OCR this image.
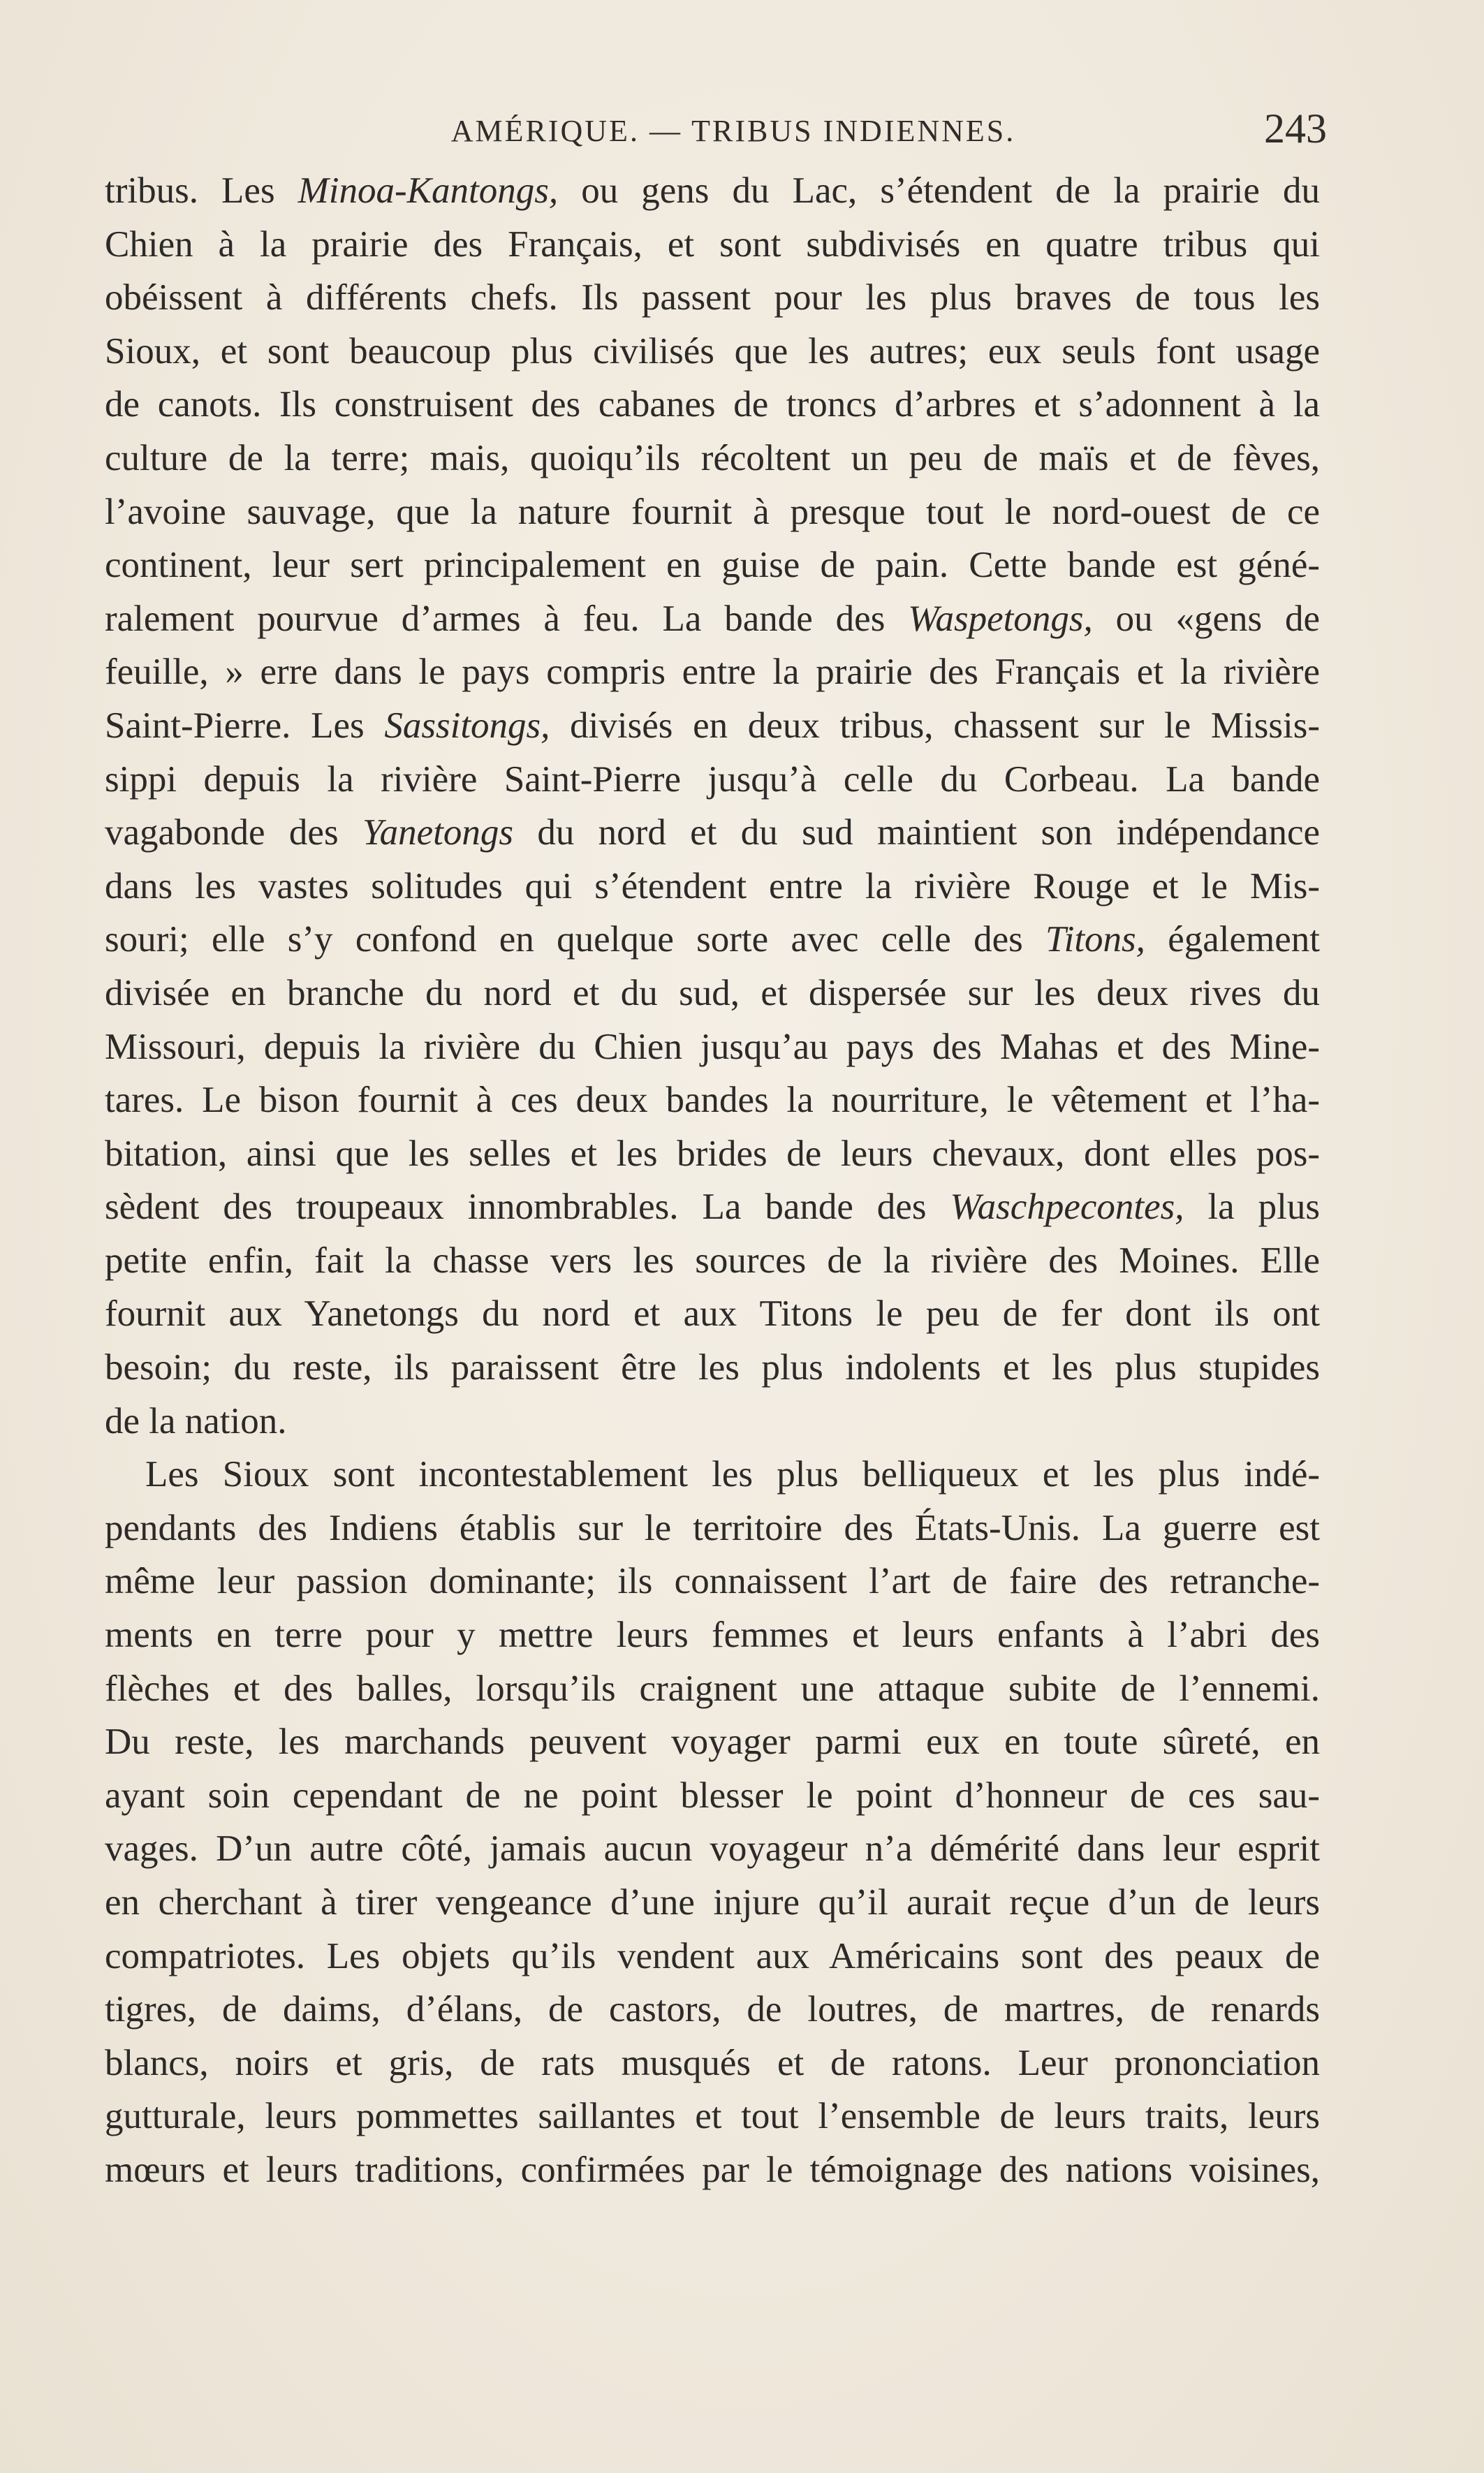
AMÉRIQUE. — TRIBUS INDIENNES.	243
tribus. Les Minoa-Kantongs, ou gens du Lac, s’étendent de la prairie du
Chien à la prairie des Français, et sont subdivisés en quatre tribus qui
obéissent à différents chefs. Ils passent pour les plus braves de tous les
Sioux, et sont beaucoup plus civilisés que les autres; eux seuls font usage
de canots. Ils construisent des cabanes de troncs d’arbres et s’adonnent à la
culture de la terre; mais, quoiqu’ils récoltent un peu de maïs et de fèves,
l’avoine sauvage, que la nature fournit à presque tout le nord-ouest de ce
continent, leur sert principalement en guise de pain. Cette bande est géné-
ralement pourvue d’armes à feu. La bande des Waspetongs, ou «gens de
feuille, » erre dans le pays compris entre la prairie des Français et la rivière
Saint-Pierre. Les Sassitongs, divisés en deux tribus, chassent sur le Missis-
sippi depuis la rivière Saint-Pierre jusqu’à celle du Corbeau. La bande
vagabonde des Yanetongs du nord et du sud maintient son indépendance
dans les vastes solitudes qui s’étendent entre la rivière Rouge et le Mis-
souri; elle s’y confond en quelque sorte avec celle des Titons, également
divisée en branche du nord et du sud, et dispersée sur les deux rives du
Missouri, depuis la rivière du Chien jusqu’au pays des Mahas et des Mine-
tares. Le bison fournit à ces deux bandes la nourriture, le vêtement et l’ha-
bitation, ainsi que les selles et les brides de leurs chevaux, dont elles pos-
sèdent des troupeaux innombrables. La bande des Waschpecontes, la plus
petite enfin, fait la chasse vers les sources de la rivière des Moines. Elle
fournit aux Yanetongs du nord et aux Titons le peu de fer dont ils ont
besoin; du reste, ils paraissent être les plus indolents et les plus stupides
de la nation.
Les Sioux sont incontestablement les plus belliqueux et les plus indé-
pendants des Indiens établis sur le territoire des États-Unis. La guerre est
même leur passion dominante; ils connaissent l’art de faire des retranche-
ments en terre pour y mettre leurs femmes et leurs enfants à l’abri des
flèches et des balles, lorsqu’ils craignent une attaque subite de l’ennemi.
Du reste, les marchands peuvent voyager parmi eux en toute sûreté, en
ayant soin cependant de ne point blesser le point d’honneur de ces sau-
vages. D’un autre côté, jamais aucun voyageur n’a démérité dans leur esprit
en cherchant à tirer vengeance d’une injure qu’il aurait reçue d’un de leurs
compatriotes. Les objets qu’ils vendent aux Américains sont des peaux de
tigres, de daims, d’élans, de castors, de loutres, de martres, de renards
blancs, noirs et gris, de rats musqués et de ratons. Leur prononciation
gutturale, leurs pommettes saillantes et tout l’ensemble de leurs traits, leurs
mœurs et leurs traditions, confirmées par le témoignage des nations voisines,
